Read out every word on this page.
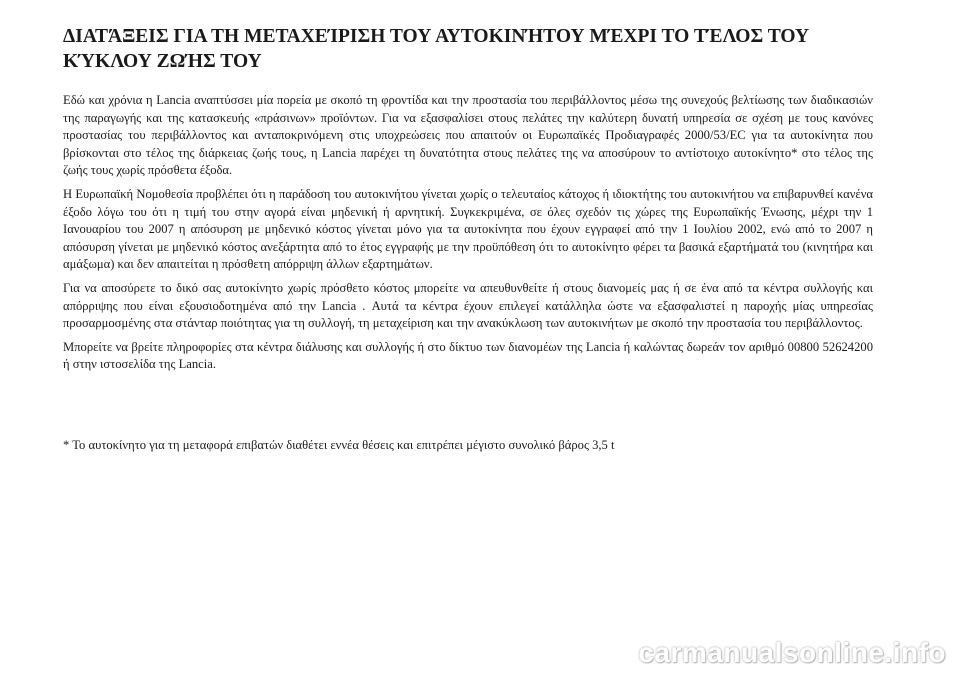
ΔΙΑΤΆΞΕΙΣ ΓΙΑ ΤΗ ΜΕΤΑΧΕΊΡΙΣΗ ΤΟΥ ΑΥΤΟΚΙΝΉΤΟΥ ΜΈΧΡΙ ΤΟ ΤΈΛΟΣ ΤΟΥ ΚΎΚΛΟΥ ΖΩΉΣ ΤΟΥ

Εδώ και χρόνια η Lancia αναπτύσσει μία πορεία με σκοπό τη φροντίδα και την προστασία του περιβάλλοντος μέσω της συνεχούς βελτίωσης των διαδικασιών της παραγωγής και της κατασκευής «πράσινων» προϊόντων. Για να εξασφαλίσει στους πελάτες την καλύτερη δυνατή υπηρεσία σε σχέση με τους κανόνες προστασίας του περιβάλλοντος και ανταποκρινόμενη στις υποχρεώσεις που απαιτούν οι Ευρωπαϊκές Προδιαγραφές 2000/53/EC για τα αυτοκίνητα που βρίσκονται στο τέλος της διάρκειας ζωής τους, η Lancia παρέχει τη δυνατότητα στους πελάτες της να αποσύρουν το αντίστοιχο αυτοκίνητο* στο τέλος της ζωής τους χωρίς πρόσθετα έξοδα.

Η Ευρωπαϊκή Νομοθεσία προβλέπει ότι η παράδοση του αυτοκινήτου γίνεται χωρίς ο τελευταίος κάτοχος ή ιδιοκτήτης του αυτοκινήτου να επιβαρυνθεί κανένα έξοδο λόγω του ότι η τιμή του στην αγορά είναι μηδενική ή αρνητική. Συγκεκριμένα, σε όλες σχεδόν τις χώρες της Ευρωπαϊκής Ένωσης, μέχρι την 1 Ιανουαρίου του 2007 η απόσυρση με μηδενικό κόστος γίνεται μόνο για τα αυτοκίνητα που έχουν εγγραφεί από την 1 Ιουλίου 2002, ενώ από το 2007 η απόσυρση γίνεται με μηδενικό κόστος ανεξάρτητα από το έτος εγγραφής με την προϋπόθεση ότι το αυτοκίνητο φέρει τα βασικά εξαρτήματά του (κινητήρα και αμάξωμα) και δεν απαιτείται η πρόσθετη απόρριψη άλλων εξαρτημάτων.

Για να αποσύρετε το δικό σας αυτοκίνητο χωρίς πρόσθετο κόστος μπορείτε να απευθυνθείτε ή στους διανομείς μας ή σε ένα από τα κέντρα συλλογής και απόρριψης που είναι εξουσιοδοτημένα από την Lancia . Αυτά τα κέντρα έχουν επιλεγεί κατάλληλα ώστε να εξασφαλιστεί η παροχής μίας υπηρεσίας προσαρμοσμένης στα στάνταρ ποιότητας για τη συλλογή, τη μεταχείριση και την ανακύκλωση των αυτοκινήτων με σκοπό την προστασία του περιβάλλοντος.

Μπορείτε να βρείτε πληροφορίες στα κέντρα διάλυσης και συλλογής ή στο δίκτυο των διανομέων της Lancia ή καλώντας δωρεάν τον αριθμό 00800 52624200 ή στην ιστοσελίδα της Lancia.

* Το αυτοκίνητο για τη μεταφορά επιβατών διαθέτει εννέα θέσεις και επιτρέπει μέγιστο συνολικό βάρος 3,5 t

carmanualsonline.info
